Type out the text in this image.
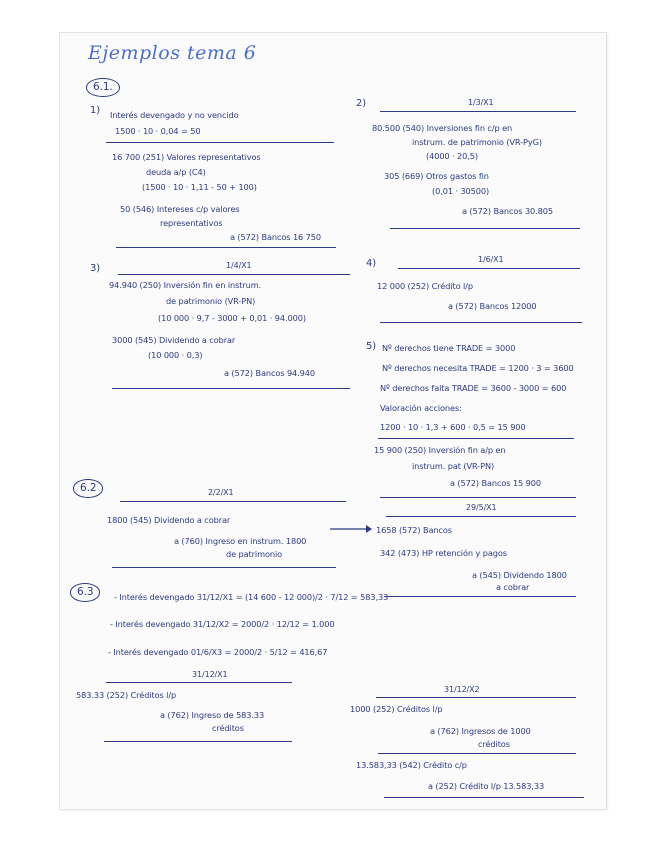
Ejemplos tema 6
6.1.
6.2
6.3
1) Interés devengado y no vencido
1500 · 10 · 0,04 = 50
16 700 (251) Valores representativos
deuda a/p (C4)
(1500 · 10 · 1,11 - 50 + 100)
50 (546) Intereses c/p valores
representativos
a (572) Bancos 16 750
2)	1/3/X1
80.500 (540) Inversiones fin c/p en
instrum. de patrimonio (VR-PyG)
(4000 · 20,5)
305 (669) Otros gastos fin
(0,01 · 30500)
a (572) Bancos 30.805
3)	1/4/X1
94.940 (250) Inversión fin en instrum.
de patrimonio (VR-PN)
(10 000 · 9,7 - 3000 + 0,01 · 94.000)
3000 (545) Dividendo a cobrar
(10 000 · 0,3)
a (572) Bancos 94.940
4)	1/6/X1
12 000 (252) Crédito l/p
a (572) Bancos 12000
5) Nº derechos tiene TRADE = 3000
Nº derechos necesita TRADE = 1200 · 3 = 3600
Nº derechos falta TRADE = 3600 - 3000 = 600
Valoración acciones:
1200 · 10 · 1,3 + 600 · 0,5 = 15 900
15 900 (250) Inversión fin a/p en
instrum. pat (VR-PN)
a (572) Bancos 15 900
2/2/X1
1800 (545) Dividendo a cobrar
a (760) Ingreso en instrum. 1800
de patrimonio
29/5/X1
1658 (572) Bancos
342 (473) HP retención y pagos
a (545) Dividendo 1800
a cobrar
- Interés devengado 31/12/X1 = (14 600 - 12 000)/2 · 7/12 = 583,33
- Interés devengado 31/12/X2 = 2000/2 · 12/12 = 1.000
- Interés devengado 01/6/X3 = 2000/2 · 5/12 = 416,67
31/12/X1
583.33 (252) Créditos l/p
a (762) Ingreso de 583.33
créditos
31/12/X2
1000 (252) Créditos l/p
a (762) Ingresos de 1000
créditos
13.583,33 (542) Crédito c/p
a (252) Crédito l/p 13.583,33
